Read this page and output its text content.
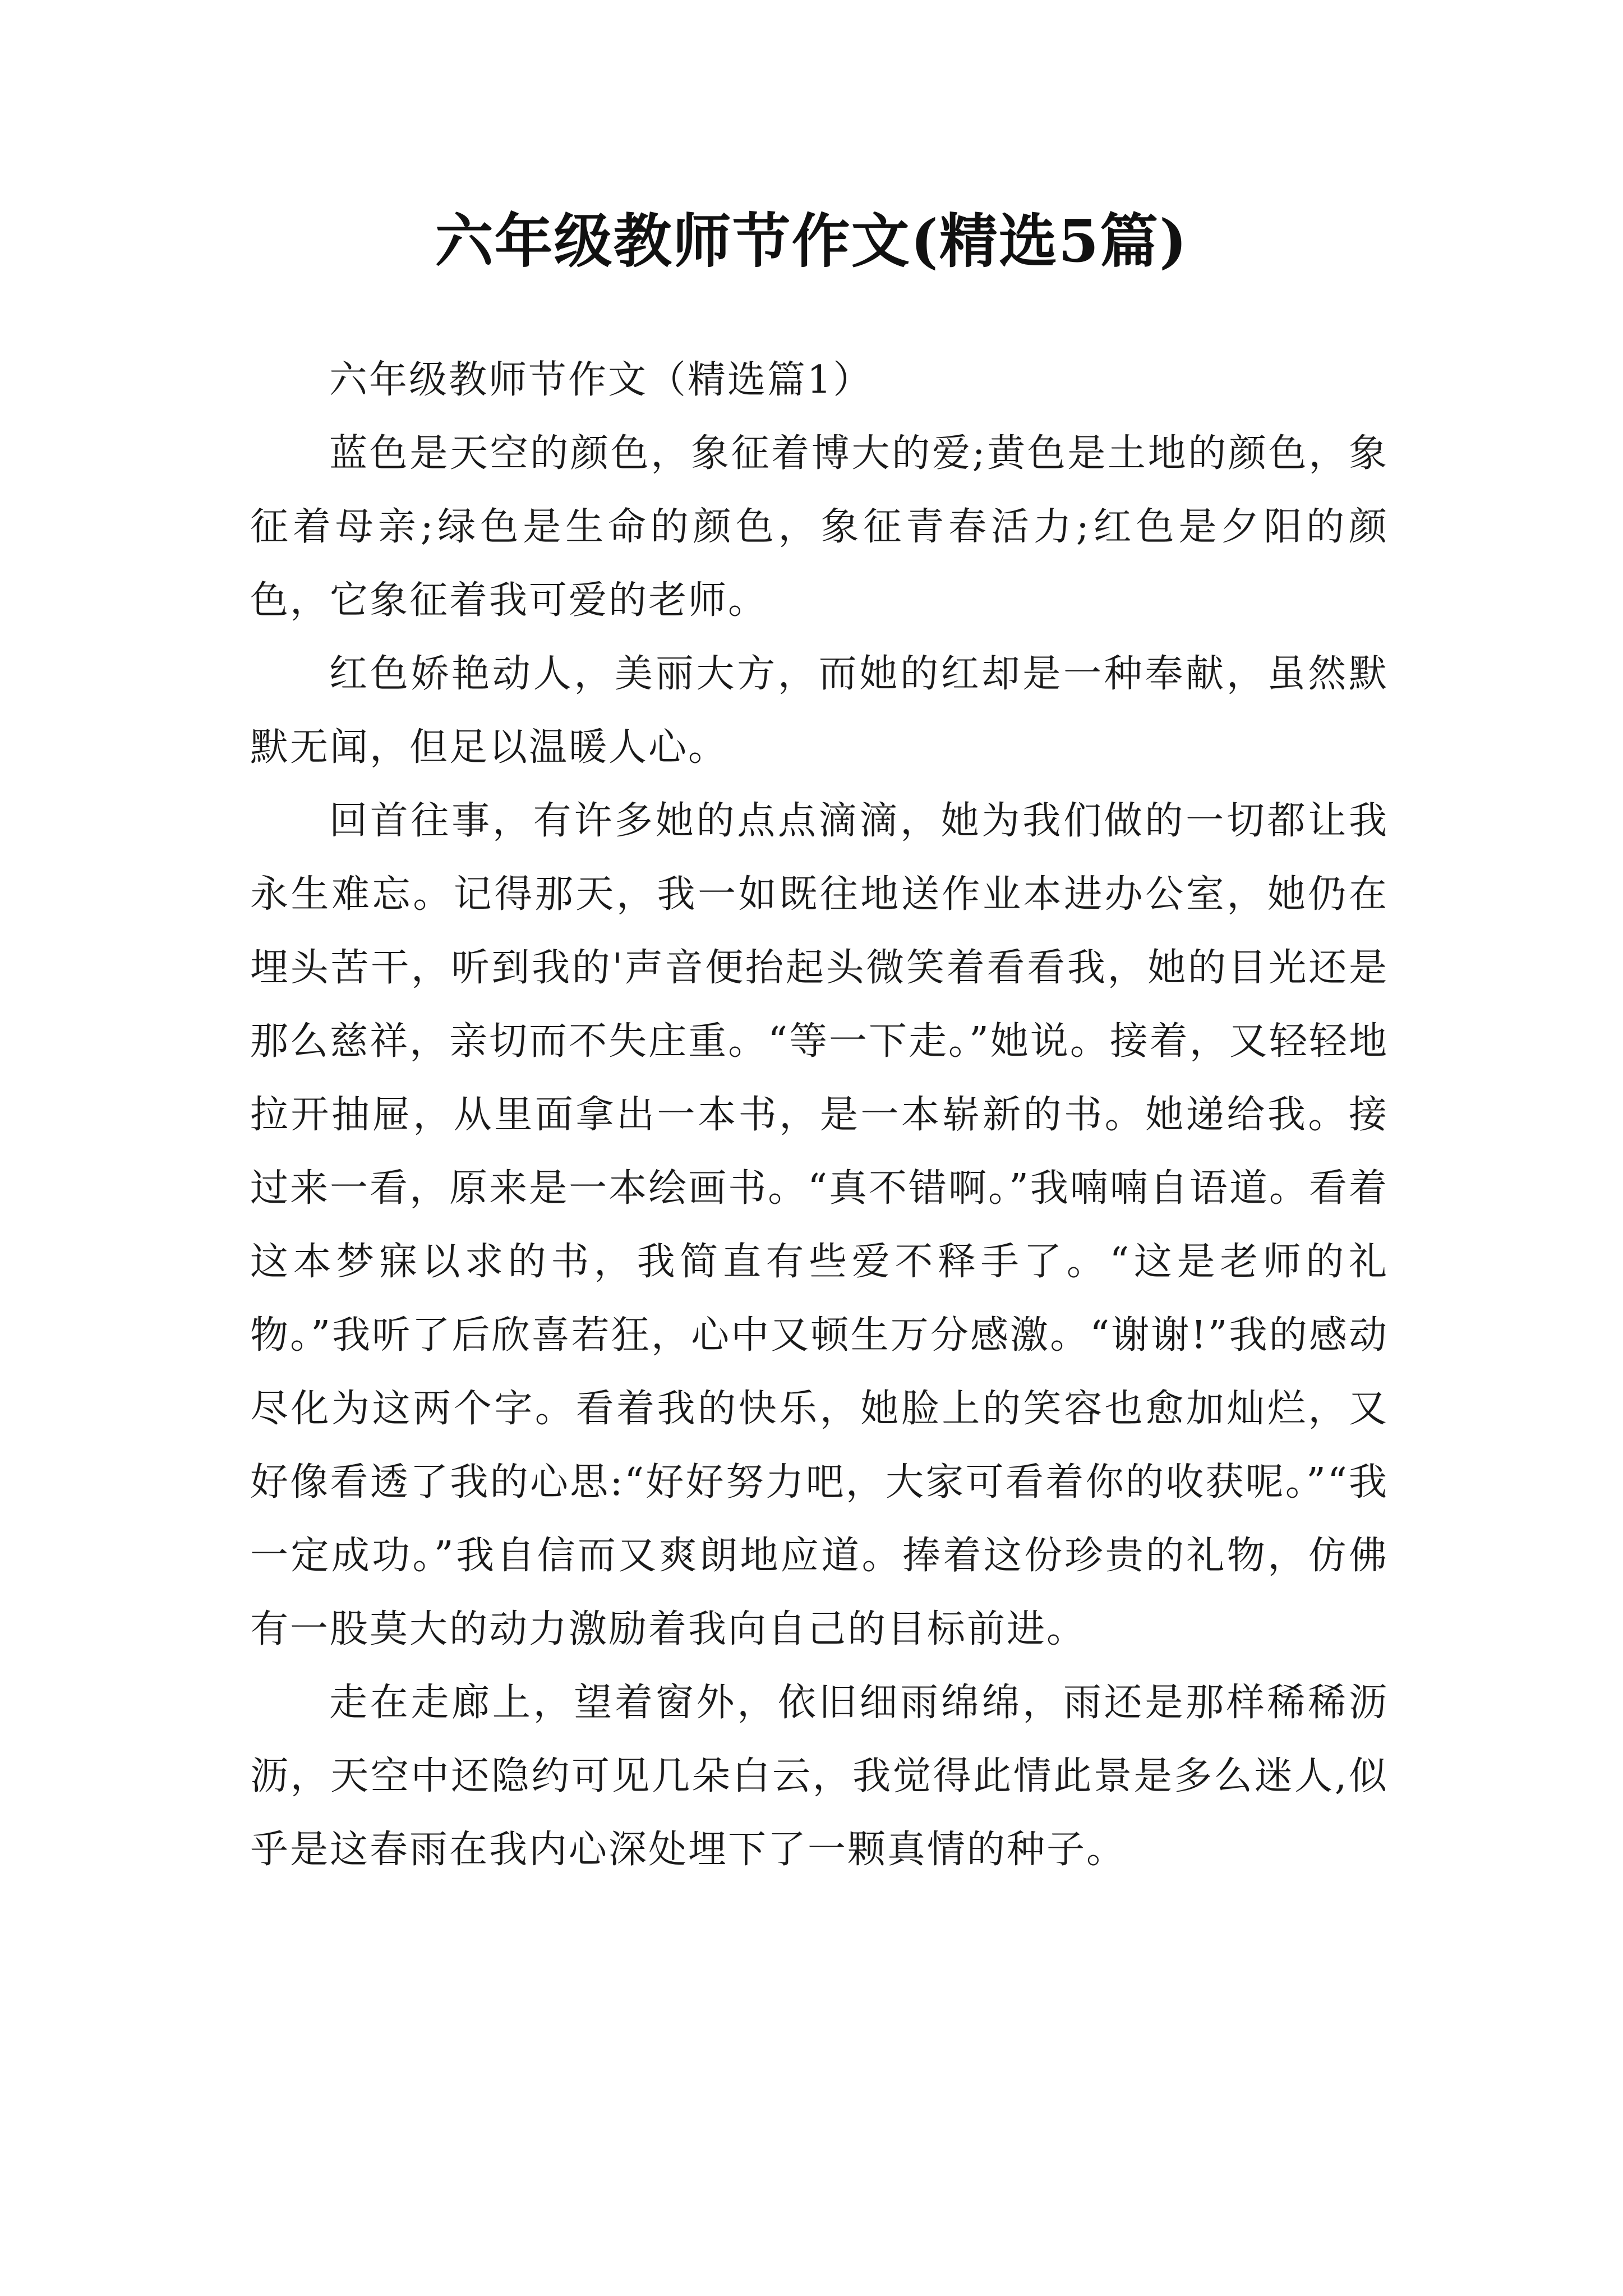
六年级教师节作文(精选5篇)

六年级教师节作文（精选篇1）

蓝色是天空的颜色，象征着博大的爱;黄色是土地的颜色，象征着母亲;绿色是生命的颜色，象征青春活力;红色是夕阳的颜色，它象征着我可爱的老师。

红色娇艳动人，美丽大方，而她的红却是一种奉献，虽然默默无闻，但足以温暖人心。

回首往事，有许多她的点点滴滴，她为我们做的一切都让我永生难忘。记得那天，我一如既往地送作业本进办公室，她仍在埋头苦干，听到我的'声音便抬起头微笑着看看我，她的目光还是那么慈祥，亲切而不失庄重。“等一下走。”她说。接着，又轻轻地拉开抽屉，从里面拿出一本书，是一本崭新的书。她递给我。接过来一看，原来是一本绘画书。“真不错啊。”我喃喃自语道。看着这本梦寐以求的书，我简直有些爱不释手了。“这是老师的礼物。”我听了后欣喜若狂，心中又顿生万分感激。“谢谢!”我的感动尽化为这两个字。看着我的快乐，她脸上的笑容也愈加灿烂，又好像看透了我的心思:“好好努力吧，大家可看着你的收获呢。”“我一定成功。”我自信而又爽朗地应道。捧着这份珍贵的礼物，仿佛有一股莫大的动力激励着我向自己的目标前进。

走在走廊上，望着窗外，依旧细雨绵绵，雨还是那样稀稀沥沥，天空中还隐约可见几朵白云，我觉得此情此景是多么迷人,似乎是这春雨在我内心深处埋下了一颗真情的种子。
